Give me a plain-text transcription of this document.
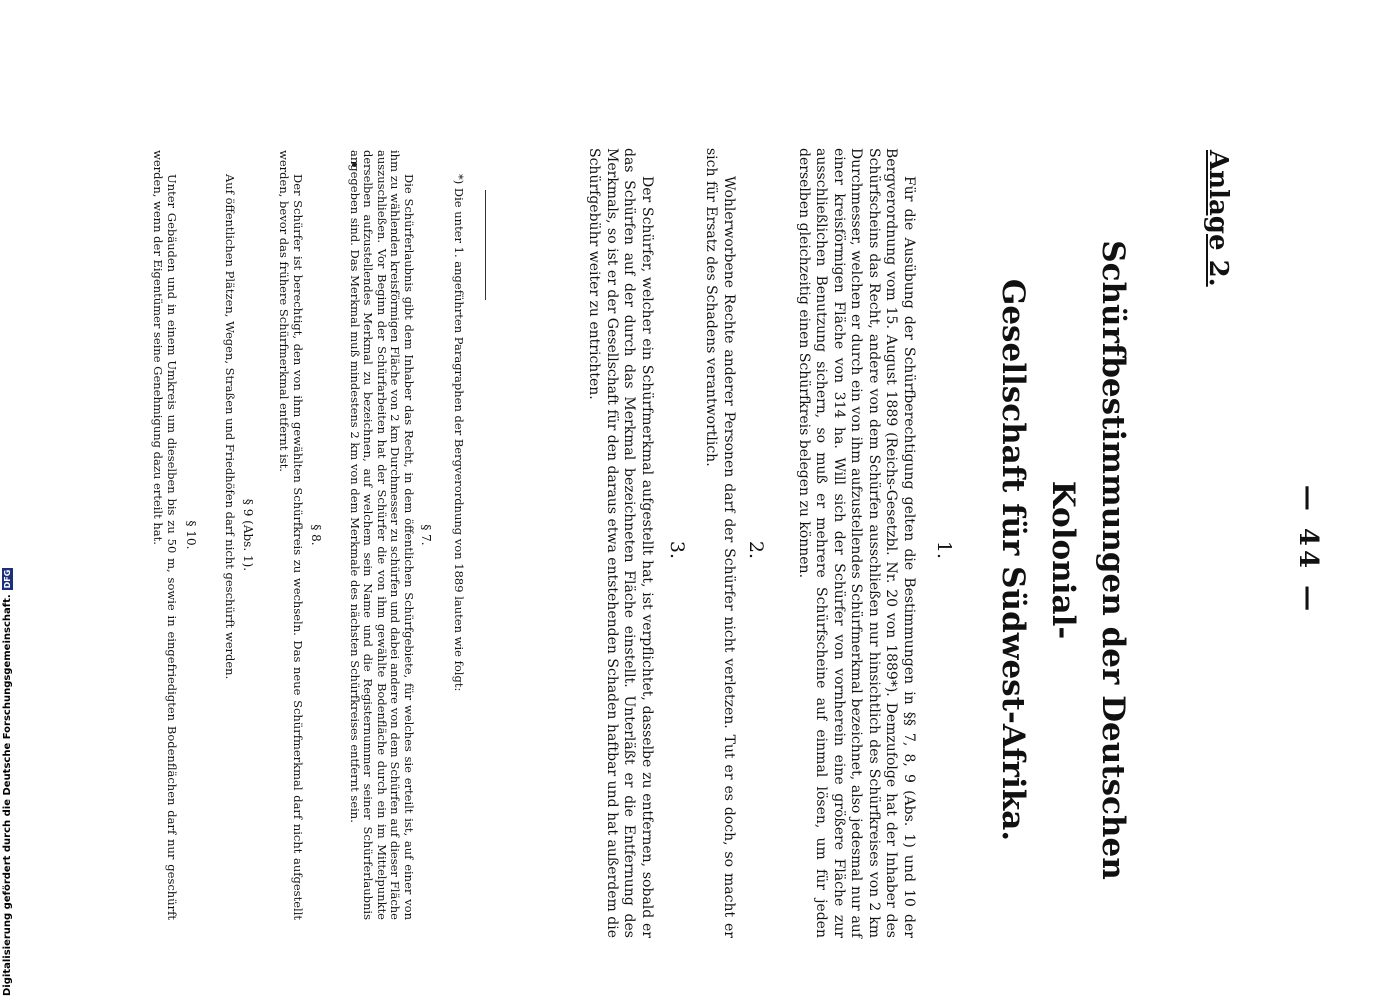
— 44 —
Anlage 2.
Schürfbestimmungen der Deutschen Kolonial-
Gesellschaft für Südwest-Afrika.
1.
Für die Ausübung der Schürfberechtigung gelten die Bestimmungen in §§ 7, 8, 9 (Abs. 1) und 10 der Bergverordnung vom 15. August 1889 (Reichs-Gesetzbl. Nr. 20 von 1889*). Demzufolge hat der Inhaber des Schürfscheins das Recht, andere von dem Schürfen ausschließen nur hinsichtlich des Schürfkreises von 2 km Durchmesser, welchen er durch ein von ihm aufzustellendes Schürfmerkmal bezeichnet, also jedesmal nur auf einer kreisförmigen Fläche von 314 ha. Will sich der Schürfer von vornherein eine größere Fläche zur ausschließlichen Benutzung sichern, so muß er mehrere Schürfscheine auf einmal lösen, um für jeden derselben gleichzeitig einen Schürfkreis belegen zu können.
2.
Wohlerworbene Rechte anderer Personen darf der Schürfer nicht verletzen. Tut er es doch, so macht er sich für Ersatz des Schadens verantwortlich.
3.
Der Schürfer, welcher ein Schürfmerkmal aufgestellt hat, ist verpflichtet, dasselbe zu entfernen, sobald er das Schürfen auf der durch das Merkmal bezeichneten Fläche einstellt. Unterläßt er die Entfernung des Merkmals, so ist er der Gesellschaft für den daraus etwa entstehenden Schaden haftbar und hat außerdem die Schürfgebühr weiter zu entrichten.
*) Die unter 1. angeführten Paragraphen der Bergverordnung von 1889 lauten wie folgt:
§ 7.
Die Schürferlaubnis gibt dem Inhaber das Recht, in dem öffentlichen Schürfgebiete, für welches sie erteilt ist, auf einer von ihm zu wählenden kreisförmigen Fläche von 2 km Durchmesser zu schürfen und dabei andere von dem Schürfen auf dieser Fläche auszuschließen. Vor Beginn der Schürfarbeiten hat der Schürfer die von ihm gewählte Bodenfläche durch ein im Mittelpunkte derselben aufzustellendes Merkmal zu bezeichnen, auf welchem sein Name und die Registernummer seiner Schürferlaubnis angegeben sind. Das Merkmal muß mindestens 2 km von dem Merkmale des nächsten Schürfkreises entfernt sein.
§ 8.
Der Schürfer ist berechtigt, den von ihm gewählten Schürfkreis zu wechseln. Das neue Schürfmerkmal darf nicht aufgestellt werden, bevor das frühere Schürfmerkmal entfernt ist.
§ 9 (Abs. 1).
Auf öffentlichen Plätzen, Wegen, Straßen und Friedhöfen darf nicht geschürft werden.
§ 10.
Unter Gebäuden und in einem Umkreis um dieselben bis zu 50 m, sowie in eingefriedigten Bodenflächen darf nur geschürft werden, wenn der Eigentümer seine Genehmigung dazu erteilt hat.
Digitalisierung gefördert durch die Deutsche Forschungsgemeinschaft.
DFG
